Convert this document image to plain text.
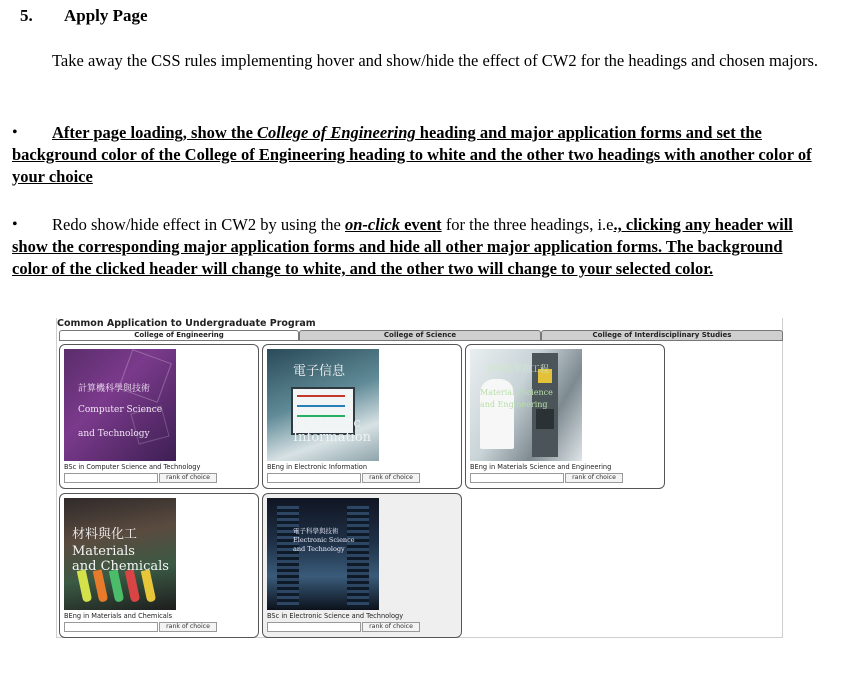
5. Apply Page

Take away the CSS rules implementing hover and show/hide the effect of CW2 for the headings and chosen majors.

• After page loading, show the College of Engineering heading and major application forms and set the background color of the College of Engineering heading to white and the other two headings with another color of your choice

• Redo show/hide effect in CW2 by using the on-click event for the three headings, i.e., clicking any header will show the corresponding major application forms and hide all other major application forms. The background color of the clicked header will change to white, and the other two will change to your selected color.

Common Application to Undergraduate Program
College of Engineering	College of Science	College of Interdisciplinary Studies
計算機科學與技術
Computer Science
and Technology
BSc in Computer Science and Technology
rank of choice
電子信息
Electronic
Information
BEng in Electronic Information
rank of choice
材料科學與工程
Materials Science
and Engineering
BEng in Materials Science and Engineering
rank of choice
材料與化工
Materials
and Chemicals
BEng in Materials and Chemicals
rank of choice
電子科學與技術
Electronic Science
and Technology
BSc in Electronic Science and Technology
rank of choice
